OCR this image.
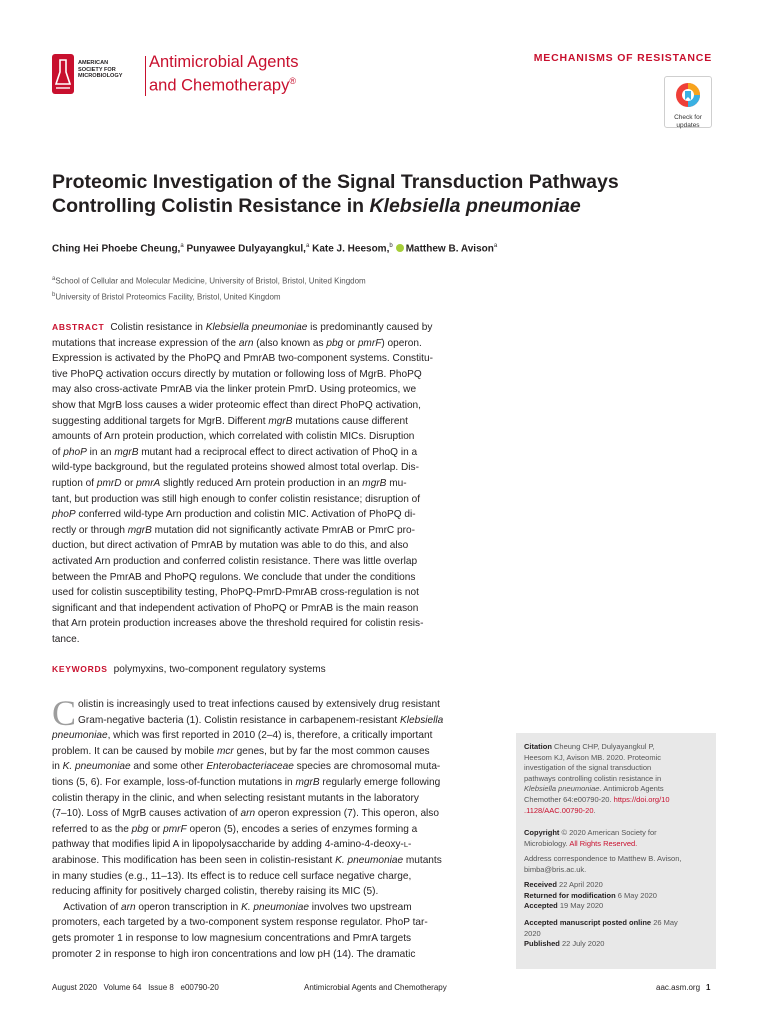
AMERICAN
SOCIETY FOR
MICROBIOLOGY
Antimicrobial Agents
and Chemotherapy®
MECHANISMS OF RESISTANCE
Check for
updates
Proteomic Investigation of the Signal Transduction Pathways
Controlling Colistin Resistance in Klebsiella pneumoniae
Ching Hei Phoebe Cheung,$^a$ Punyawee Dulyayangkul,$^a$ Kate J. Heesom,$^b$ Matthew B. Avison$^a$
$^a$School of Cellular and Molecular Medicine, University of Bristol, Bristol, United Kingdom
$^b$University of Bristol Proteomics Facility, Bristol, United Kingdom
ABSTRACT Colistin resistance in Klebsiella pneumoniae is predominantly caused by
mutations that increase expression of the arn (also known as pbg or pmrF) operon.
Expression is activated by the PhoPQ and PmrAB two-component systems. Constitu-
tive PhoPQ activation occurs directly by mutation or following loss of MgrB. PhoPQ
may also cross-activate PmrAB via the linker protein PmrD. Using proteomics, we
show that MgrB loss causes a wider proteomic effect than direct PhoPQ activation,
suggesting additional targets for MgrB. Different mgrB mutations cause different
amounts of Arn protein production, which correlated with colistin MICs. Disruption
of phoP in an mgrB mutant had a reciprocal effect to direct activation of PhoQ in a
wild-type background, but the regulated proteins showed almost total overlap. Dis-
ruption of pmrD or pmrA slightly reduced Arn protein production in an mgrB mu-
tant, but production was still high enough to confer colistin resistance; disruption of
phoP conferred wild-type Arn production and colistin MIC. Activation of PhoPQ di-
rectly or through mgrB mutation did not significantly activate PmrAB or PmrC pro-
duction, but direct activation of PmrAB by mutation was able to do this, and also
activated Arn production and conferred colistin resistance. There was little overlap
between the PmrAB and PhoPQ regulons. We conclude that under the conditions
used for colistin susceptibility testing, PhoPQ-PmrD-PmrAB cross-regulation is not
significant and that independent activation of PhoPQ or PmrAB is the main reason
that Arn protein production increases above the threshold required for colistin resis-
tance.
KEYWORDS polymyxins, two-component regulatory systems
Colistin is increasingly used to treat infections caused by extensively drug resistant
Gram-negative bacteria (1). Colistin resistance in carbapenem-resistant Klebsiella
pneumoniae, which was first reported in 2010 (2–4) is, therefore, a critically important
problem. It can be caused by mobile mcr genes, but by far the most common causes
in K. pneumoniae and some other Enterobacteriaceae species are chromosomal muta-
tions (5, 6). For example, loss-of-function mutations in mgrB regularly emerge following
colistin therapy in the clinic, and when selecting resistant mutants in the laboratory
(7–10). Loss of MgrB causes activation of arn operon expression (7). This operon, also
referred to as the pbg or pmrF operon (5), encodes a series of enzymes forming a
pathway that modifies lipid A in lipopolysaccharide by adding 4-amino-4-deoxy-L-
arabinose. This modification has been seen in colistin-resistant K. pneumoniae mutants
in many studies (e.g., 11–13). Its effect is to reduce cell surface negative charge,
reducing affinity for positively charged colistin, thereby raising its MIC (5).
Activation of arn operon transcription in K. pneumoniae involves two upstream
promoters, each targeted by a two-component system response regulator. PhoP tar-
gets promoter 1 in response to low magnesium concentrations and PmrA targets
promoter 2 in response to high iron concentrations and low pH (14). The dramatic
Citation Cheung CHP, Dulyayangkul P,
Heesom KJ, Avison MB. 2020. Proteomic
investigation of the signal transduction
pathways controlling colistin resistance in
Klebsiella pneumoniae. Antimicrob Agents
Chemother 64:e00790-20. https://doi.org/10
.1128/AAC.00790-20.
Copyright © 2020 American Society for
Microbiology. All Rights Reserved.
Address correspondence to Matthew B. Avison,
bimba@bris.ac.uk.
Received 22 April 2020
Returned for modification 6 May 2020
Accepted 19 May 2020
Accepted manuscript posted online 26 May
2020
Published 22 July 2020
August 2020   Volume 64   Issue 8   e00790-20	Antimicrobial Agents and Chemotherapy	aac.asm.org 1
